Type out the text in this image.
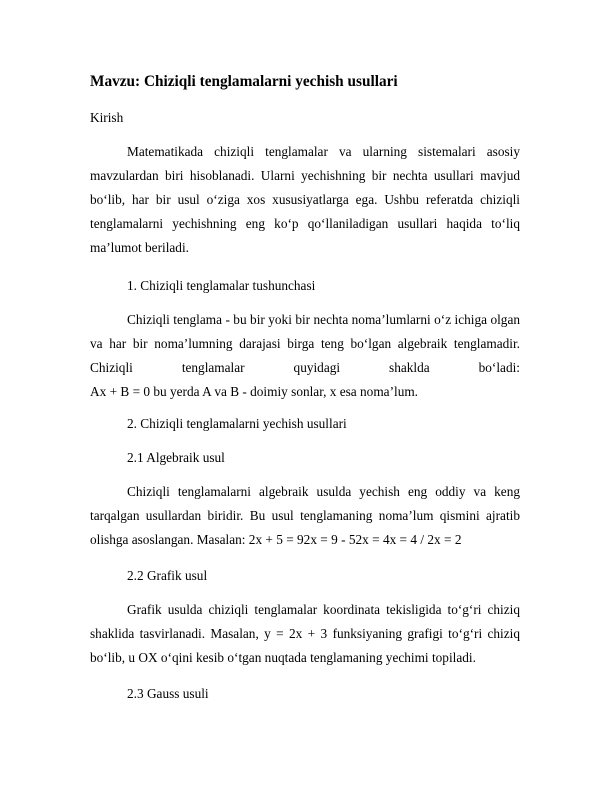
Mavzu: Chiziqli tenglamalarni yechish usullari
Kirish

Matematikada chiziqli tenglamalar va ularning sistemalari asosiy mavzulardan biri hisoblanadi. Ularni yechishning bir nechta usullari mavjud bo‘lib, har bir usul o‘ziga xos xususiyatlarga ega. Ushbu referatda chiziqli tenglamalarni yechishning eng ko‘p qo‘llaniladigan usullari haqida to‘liq ma’lumot beriladi.

1. Chiziqli tenglamalar tushunchasi

Chiziqli tenglama - bu bir yoki bir nechta noma’lumlarni o‘z ichiga olgan va har bir noma’lumning darajasi birga teng bo‘lgan algebraik tenglamadir. Chiziqli tenglamalar quyidagi shaklda bo‘ladi:

Ax + B = 0 bu yerda A va B - doimiy sonlar, x esa noma’lum.

2. Chiziqli tenglamalarni yechish usullari
2.1 Algebraik usul

Chiziqli tenglamalarni algebraik usulda yechish eng oddiy va keng tarqalgan usullardan biridir. Bu usul tenglamaning noma’lum qismini ajratib olishga asoslangan. Masalan: 2x + 5 = 92x = 9 - 52x = 4x = 4 / 2x = 2

2.2 Grafik usul

Grafik usulda chiziqli tenglamalar koordinata tekisligida to‘g‘ri chiziq shaklida tasvirlanadi. Masalan, y = 2x + 3 funksiyaning grafigi to‘g‘ri chiziq bo‘lib, u OX o‘qini kesib o‘tgan nuqtada tenglamaning yechimi topiladi.

2.3 Gauss usuli
